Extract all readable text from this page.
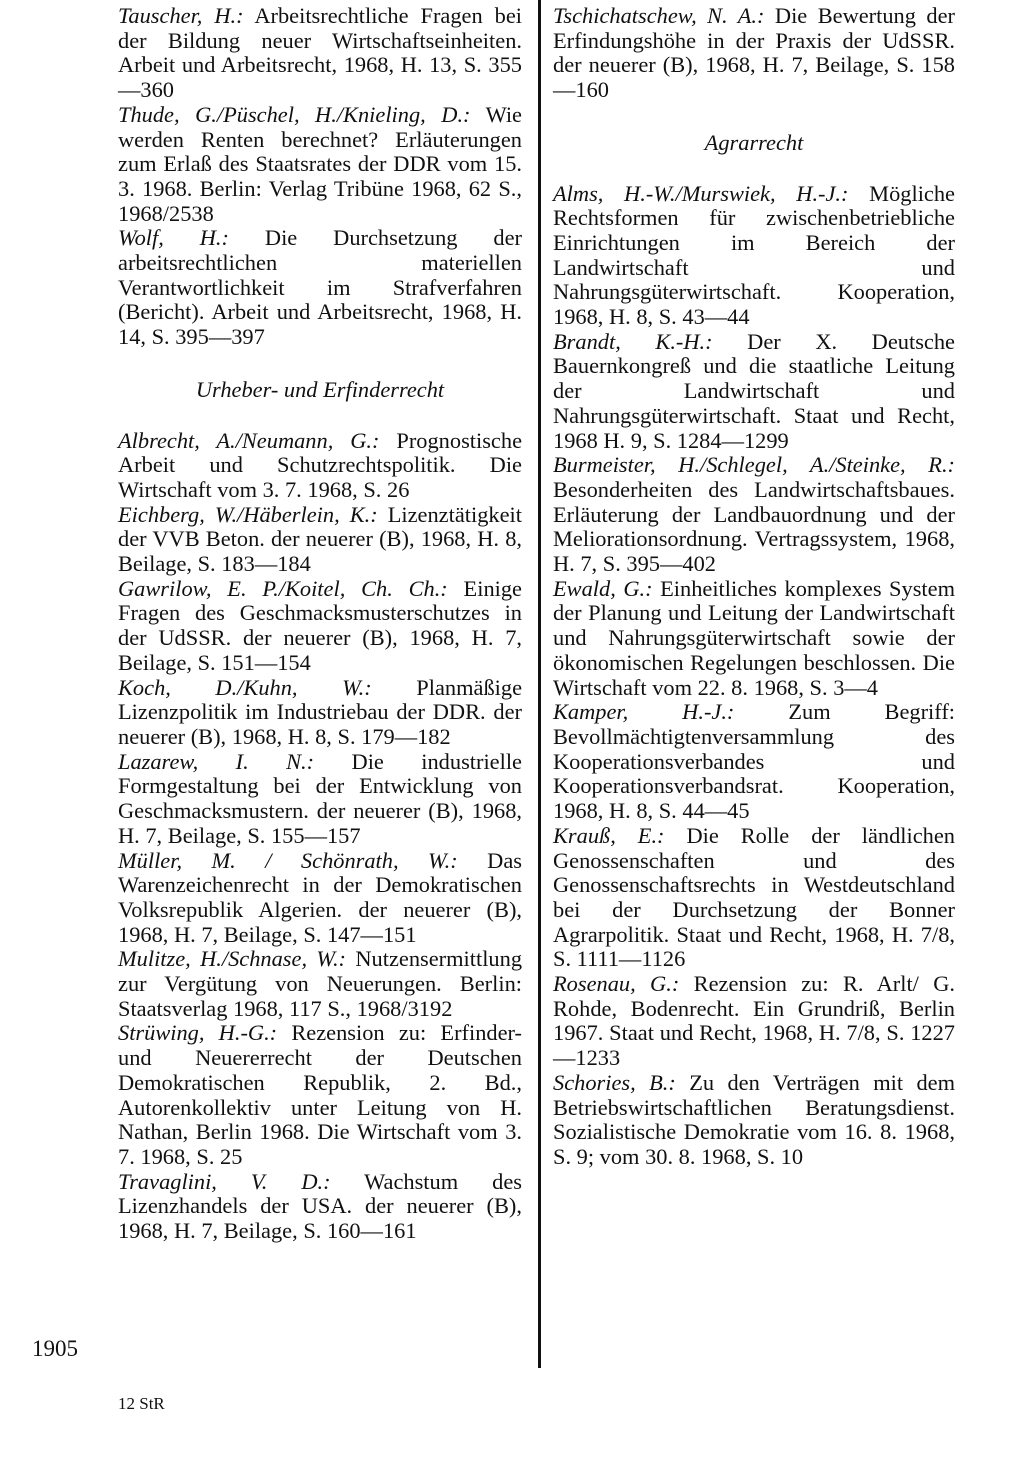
Tauscher, H.: Arbeitsrechtliche Fragen bei der Bildung neuer Wirtschaftseinheiten. Arbeit und Arbeitsrecht, 1968, H. 13, S. 355—360
Thude, G./Püschel, H./Knieling, D.: Wie werden Renten berechnet? Erläuterungen zum Erlaß des Staatsrates der DDR vom 15. 3. 1968. Berlin: Verlag Tribüne 1968, 62 S., 1968/2538
Wolf, H.: Die Durchsetzung der arbeitsrechtlichen materiellen Verantwortlichkeit im Strafverfahren (Bericht). Arbeit und Arbeitsrecht, 1968, H. 14, S. 395—397
Urheber- und Erfinderrecht
Albrecht, A./Neumann, G.: Prognostische Arbeit und Schutzrechtspolitik. Die Wirtschaft vom 3. 7. 1968, S. 26
Eichberg, W./Häberlein, K.: Lizenztätigkeit der VVB Beton. der neuerer (B), 1968, H. 8, Beilage, S. 183—184
Gawrilow, E. P./Koitel, Ch. Ch.: Einige Fragen des Geschmacksmusterschutzes in der UdSSR. der neuerer (B), 1968, H. 7, Beilage, S. 151—154
Koch, D./Kuhn, W.: Planmäßige Lizenzpolitik im Industriebau der DDR. der neuerer (B), 1968, H. 8, S. 179—182
Lazarew, I. N.: Die industrielle Formgestaltung bei der Entwicklung von Geschmacksmustern. der neuerer (B), 1968, H. 7, Beilage, S. 155—157
Müller, M. / Schönrath, W.: Das Warenzeichenrecht in der Demokratischen Volksrepublik Algerien. der neuerer (B), 1968, H. 7, Beilage, S. 147—151
Mulitze, H./Schnase, W.: Nutzensermittlung zur Vergütung von Neuerungen. Berlin: Staatsverlag 1968, 117 S., 1968/3192
Strüwing, H.-G.: Rezension zu: Erfinder- und Neuererrecht der Deutschen Demokratischen Republik, 2. Bd., Autorenkollektiv unter Leitung von H. Nathan, Berlin 1968. Die Wirtschaft vom 3. 7. 1968, S. 25
Travaglini, V. D.: Wachstum des Lizenzhandels der USA. der neuerer (B), 1968, H. 7, Beilage, S. 160—161
Tschichatschew, N. A.: Die Bewertung der Erfindungshöhe in der Praxis der UdSSR. der neuerer (B), 1968, H. 7, Beilage, S. 158—160
Agrarrecht
Alms, H.-W./Murswiek, H.-J.: Mögliche Rechtsformen für zwischenbetriebliche Einrichtungen im Bereich der Landwirtschaft und Nahrungsgüterwirtschaft. Kooperation, 1968, H. 8, S. 43—44
Brandt, K.-H.: Der X. Deutsche Bauernkongreß und die staatliche Leitung der Landwirtschaft und Nahrungsgüterwirtschaft. Staat und Recht, 1968 H. 9, S. 1284—1299
Burmeister, H./Schlegel, A./Steinke, R.: Besonderheiten des Landwirtschaftsbaues. Erläuterung der Landbauordnung und der Meliorationsordnung. Vertragssystem, 1968, H. 7, S. 395—402
Ewald, G.: Einheitliches komplexes System der Planung und Leitung der Landwirtschaft und Nahrungsgüterwirtschaft sowie der ökonomischen Regelungen beschlossen. Die Wirtschaft vom 22. 8. 1968, S. 3—4
Kamper, H.-J.: Zum Begriff: Bevollmächtigtenversammlung des Kooperationsverbandes und Kooperationsverbandsrat. Kooperation, 1968, H. 8, S. 44—45
Krauß, E.: Die Rolle der ländlichen Genossenschaften und des Genossenschaftsrechts in Westdeutschland bei der Durchsetzung der Bonner Agrarpolitik. Staat und Recht, 1968, H. 7/8, S. 1111—1126
Rosenau, G.: Rezension zu: R. Arlt/ G. Rohde, Bodenrecht. Ein Grundriß, Berlin 1967. Staat und Recht, 1968, H. 7/8, S. 1227—1233
Schories, B.: Zu den Verträgen mit dem Betriebswirtschaftlichen Beratungsdienst. Sozialistische Demokratie vom 16. 8. 1968, S. 9; vom 30. 8. 1968, S. 10
1905
12 StR
